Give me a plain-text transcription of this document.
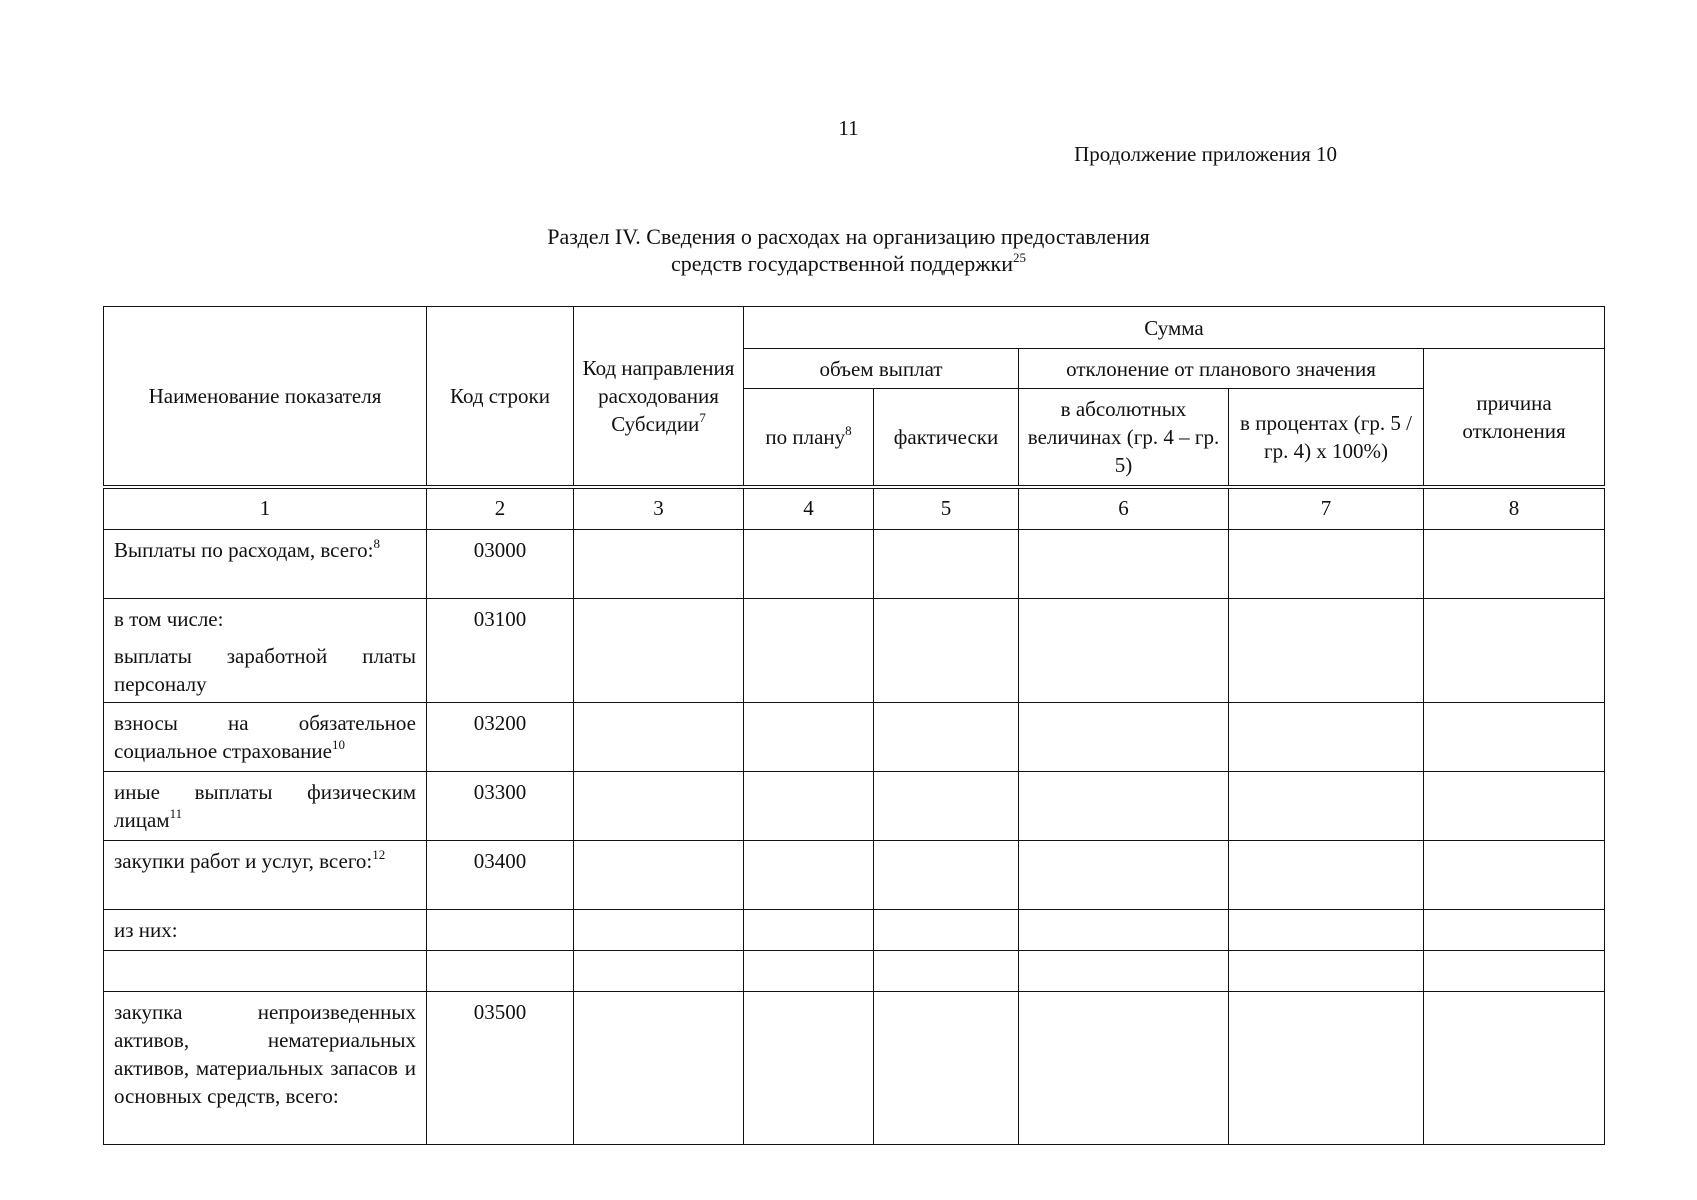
11
Продолжение приложения 10
Раздел IV. Сведения о расходах на организацию предоставления
средств государственной поддержки$^{25}$
Наименование показателя	Код строки	Код направления расходования Субсидии$^7$	Сумма				
			объем выплат		отклонение от планового значения		причина отклонения
			по плану$^8$	фактически	в абсолютных величинах (гр. 4 – гр. 5)	в процентах (гр. 5 / гр. 4) х 100%)	
1	2	3	4	5	6	7	8
Выплаты по расходам, всего:$^8$	03000						
в том числе:
выплаты заработной платы персоналу	03100						
взносы на обязательное социальное страхование$^{10}$	03200						
иные выплаты физическим лицам$^{11}$	03300						
закупки работ и услуг, всего:$^{12}$	03400						
из них:							

закупка непроизведенных активов, нематериальных активов, материальных запасов и основных средств, всего:	03500						
